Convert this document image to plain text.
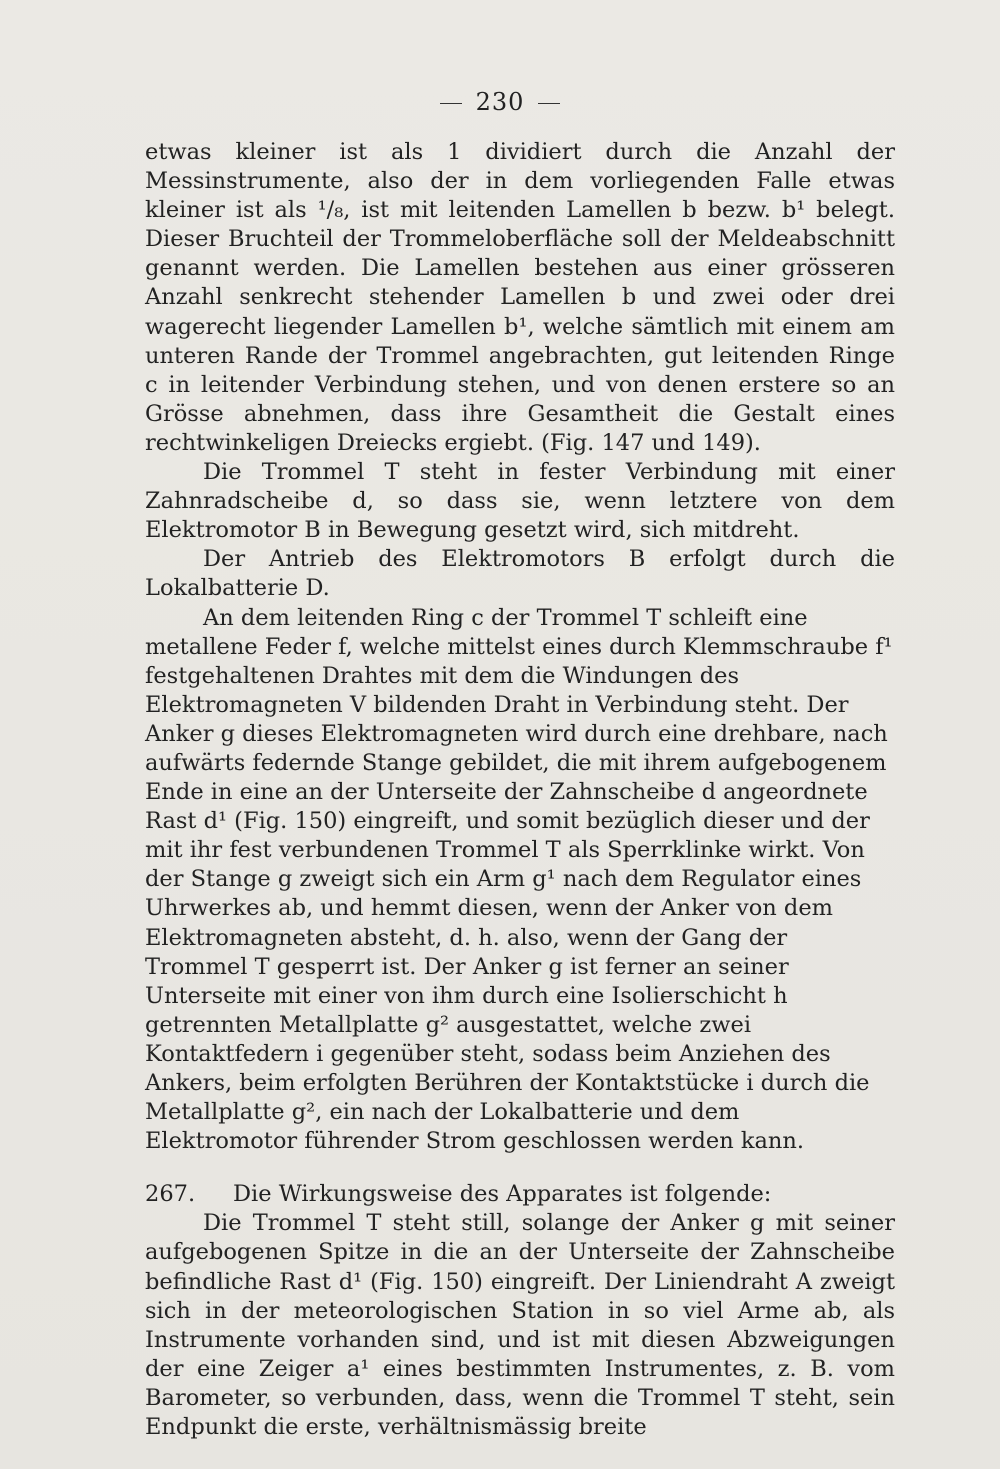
230

etwas kleiner ist als 1 dividiert durch die Anzahl der Messinstrumente, also der in dem vorliegenden Falle etwas kleiner ist als ¹/₈, ist mit leitenden Lamellen b bezw. b¹ belegt. Dieser Bruchteil der Trommeloberfläche soll der Meldeabschnitt genannt werden. Die Lamellen bestehen aus einer grösseren Anzahl senkrecht stehender Lamellen b und zwei oder drei wagerecht liegender Lamellen b¹, welche sämtlich mit einem am unteren Rande der Trommel angebrachten, gut leitenden Ringe c in leitender Verbindung stehen, und von denen erstere so an Grösse abnehmen, dass ihre Gesamtheit die Gestalt eines rechtwinkeligen Dreiecks ergiebt. (Fig. 147 und 149).

Die Trommel T steht in fester Verbindung mit einer Zahnradscheibe d, so dass sie, wenn letztere von dem Elektromotor B in Bewegung gesetzt wird, sich mitdreht.

Der Antrieb des Elektromotors B erfolgt durch die Lokalbatterie D.

An dem leitenden Ring c der Trommel T schleift eine metallene Feder f, welche mittelst eines durch Klemmschraube f¹ festgehaltenen Drahtes mit dem die Windungen des Elektromagneten V bildenden Draht in Verbindung steht. Der Anker g dieses Elektromagneten wird durch eine drehbare, nach aufwärts federnde Stange gebildet, die mit ihrem aufgebogenem Ende in eine an der Unterseite der Zahnscheibe d angeordnete Rast d¹ (Fig. 150) eingreift, und somit bezüglich dieser und der mit ihr fest verbundenen Trommel T als Sperrklinke wirkt. Von der Stange g zweigt sich ein Arm g¹ nach dem Regulator eines Uhrwerkes ab, und hemmt diesen, wenn der Anker von dem Elektromagneten absteht, d. h. also, wenn der Gang der Trommel T gesperrt ist. Der Anker g ist ferner an seiner Unterseite mit einer von ihm durch eine Isolierschicht h getrennten Metallplatte g² ausgestattet, welche zwei Kontaktfedern i gegenüber steht, sodass beim Anziehen des Ankers, beim erfolgten Berühren der Kontaktstücke i durch die Metallplatte g², ein nach der Lokalbatterie und dem Elektromotor führender Strom geschlossen werden kann.

267. Die Wirkungsweise des Apparates ist folgende:

Die Trommel T steht still, solange der Anker g mit seiner aufgebogenen Spitze in die an der Unterseite der Zahnscheibe befindliche Rast d¹ (Fig. 150) eingreift. Der Liniendraht A zweigt sich in der meteorologischen Station in so viel Arme ab, als Instrumente vorhanden sind, und ist mit diesen Abzweigungen der eine Zeiger a¹ eines bestimmten Instrumentes, z. B. vom Barometer, so verbunden, dass, wenn die Trommel T steht, sein Endpunkt die erste, verhältnismässig breite
